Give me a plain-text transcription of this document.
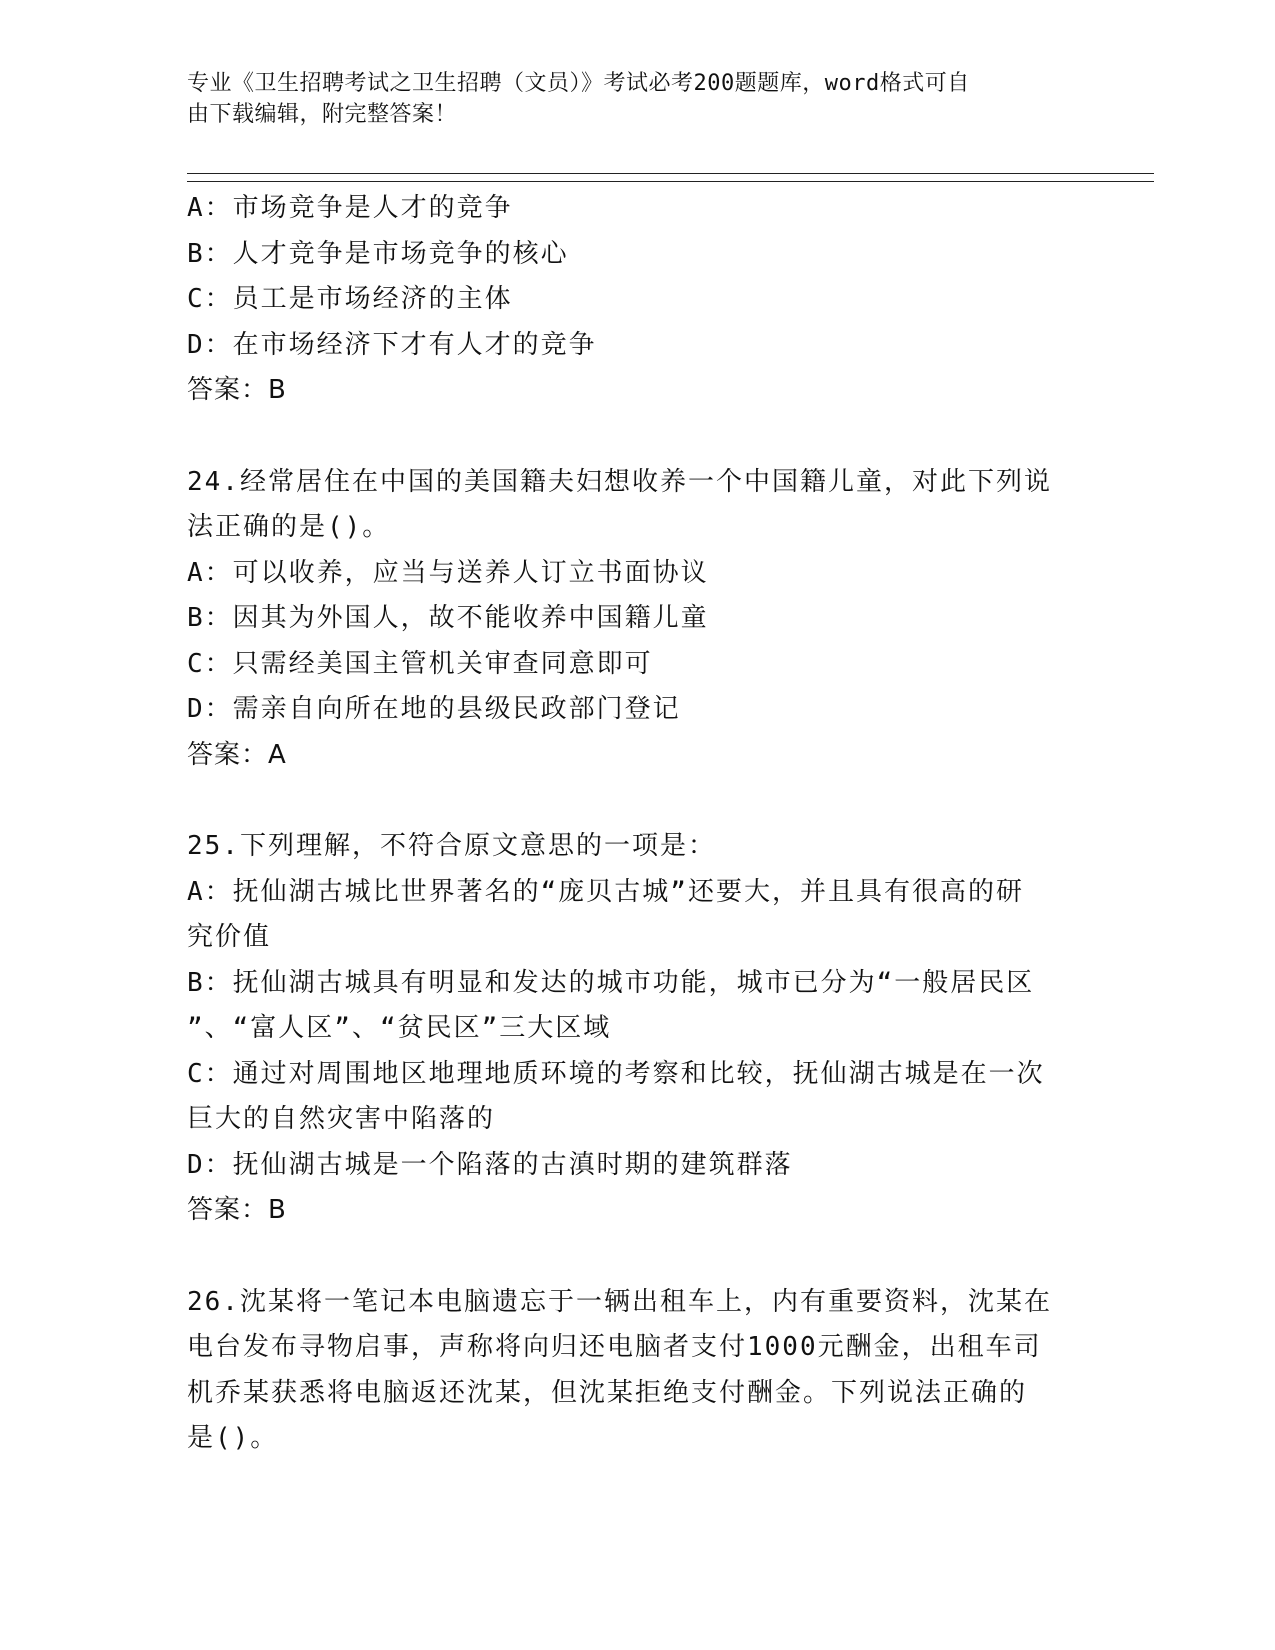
专业《卫生招聘考试之卫生招聘（文员）》考试必考200题题库，word格式可自
由下载编辑，附完整答案！
A：市场竞争是人才的竞争
B：人才竞争是市场竞争的核心
C：员工是市场经济的主体
D：在市场经济下才有人才的竞争
答案：B
24.经常居住在中国的美国籍夫妇想收养一个中国籍儿童，对此下列说
法正确的是()。
A：可以收养，应当与送养人订立书面协议
B：因其为外国人，故不能收养中国籍儿童
C：只需经美国主管机关审查同意即可
D：需亲自向所在地的县级民政部门登记
答案：A
25.下列理解，不符合原文意思的一项是：
A：抚仙湖古城比世界著名的“庞贝古城”还要大，并且具有很高的研
究价值
B：抚仙湖古城具有明显和发达的城市功能，城市已分为“一般居民区
”、“富人区”、“贫民区”三大区域
C：通过对周围地区地理地质环境的考察和比较，抚仙湖古城是在一次
巨大的自然灾害中陷落的
D：抚仙湖古城是一个陷落的古滇时期的建筑群落
答案：B
26.沈某将一笔记本电脑遗忘于一辆出租车上，内有重要资料，沈某在
电台发布寻物启事，声称将向归还电脑者支付1000元酬金，出租车司
机乔某获悉将电脑返还沈某，但沈某拒绝支付酬金。下列说法正确的
是()。
